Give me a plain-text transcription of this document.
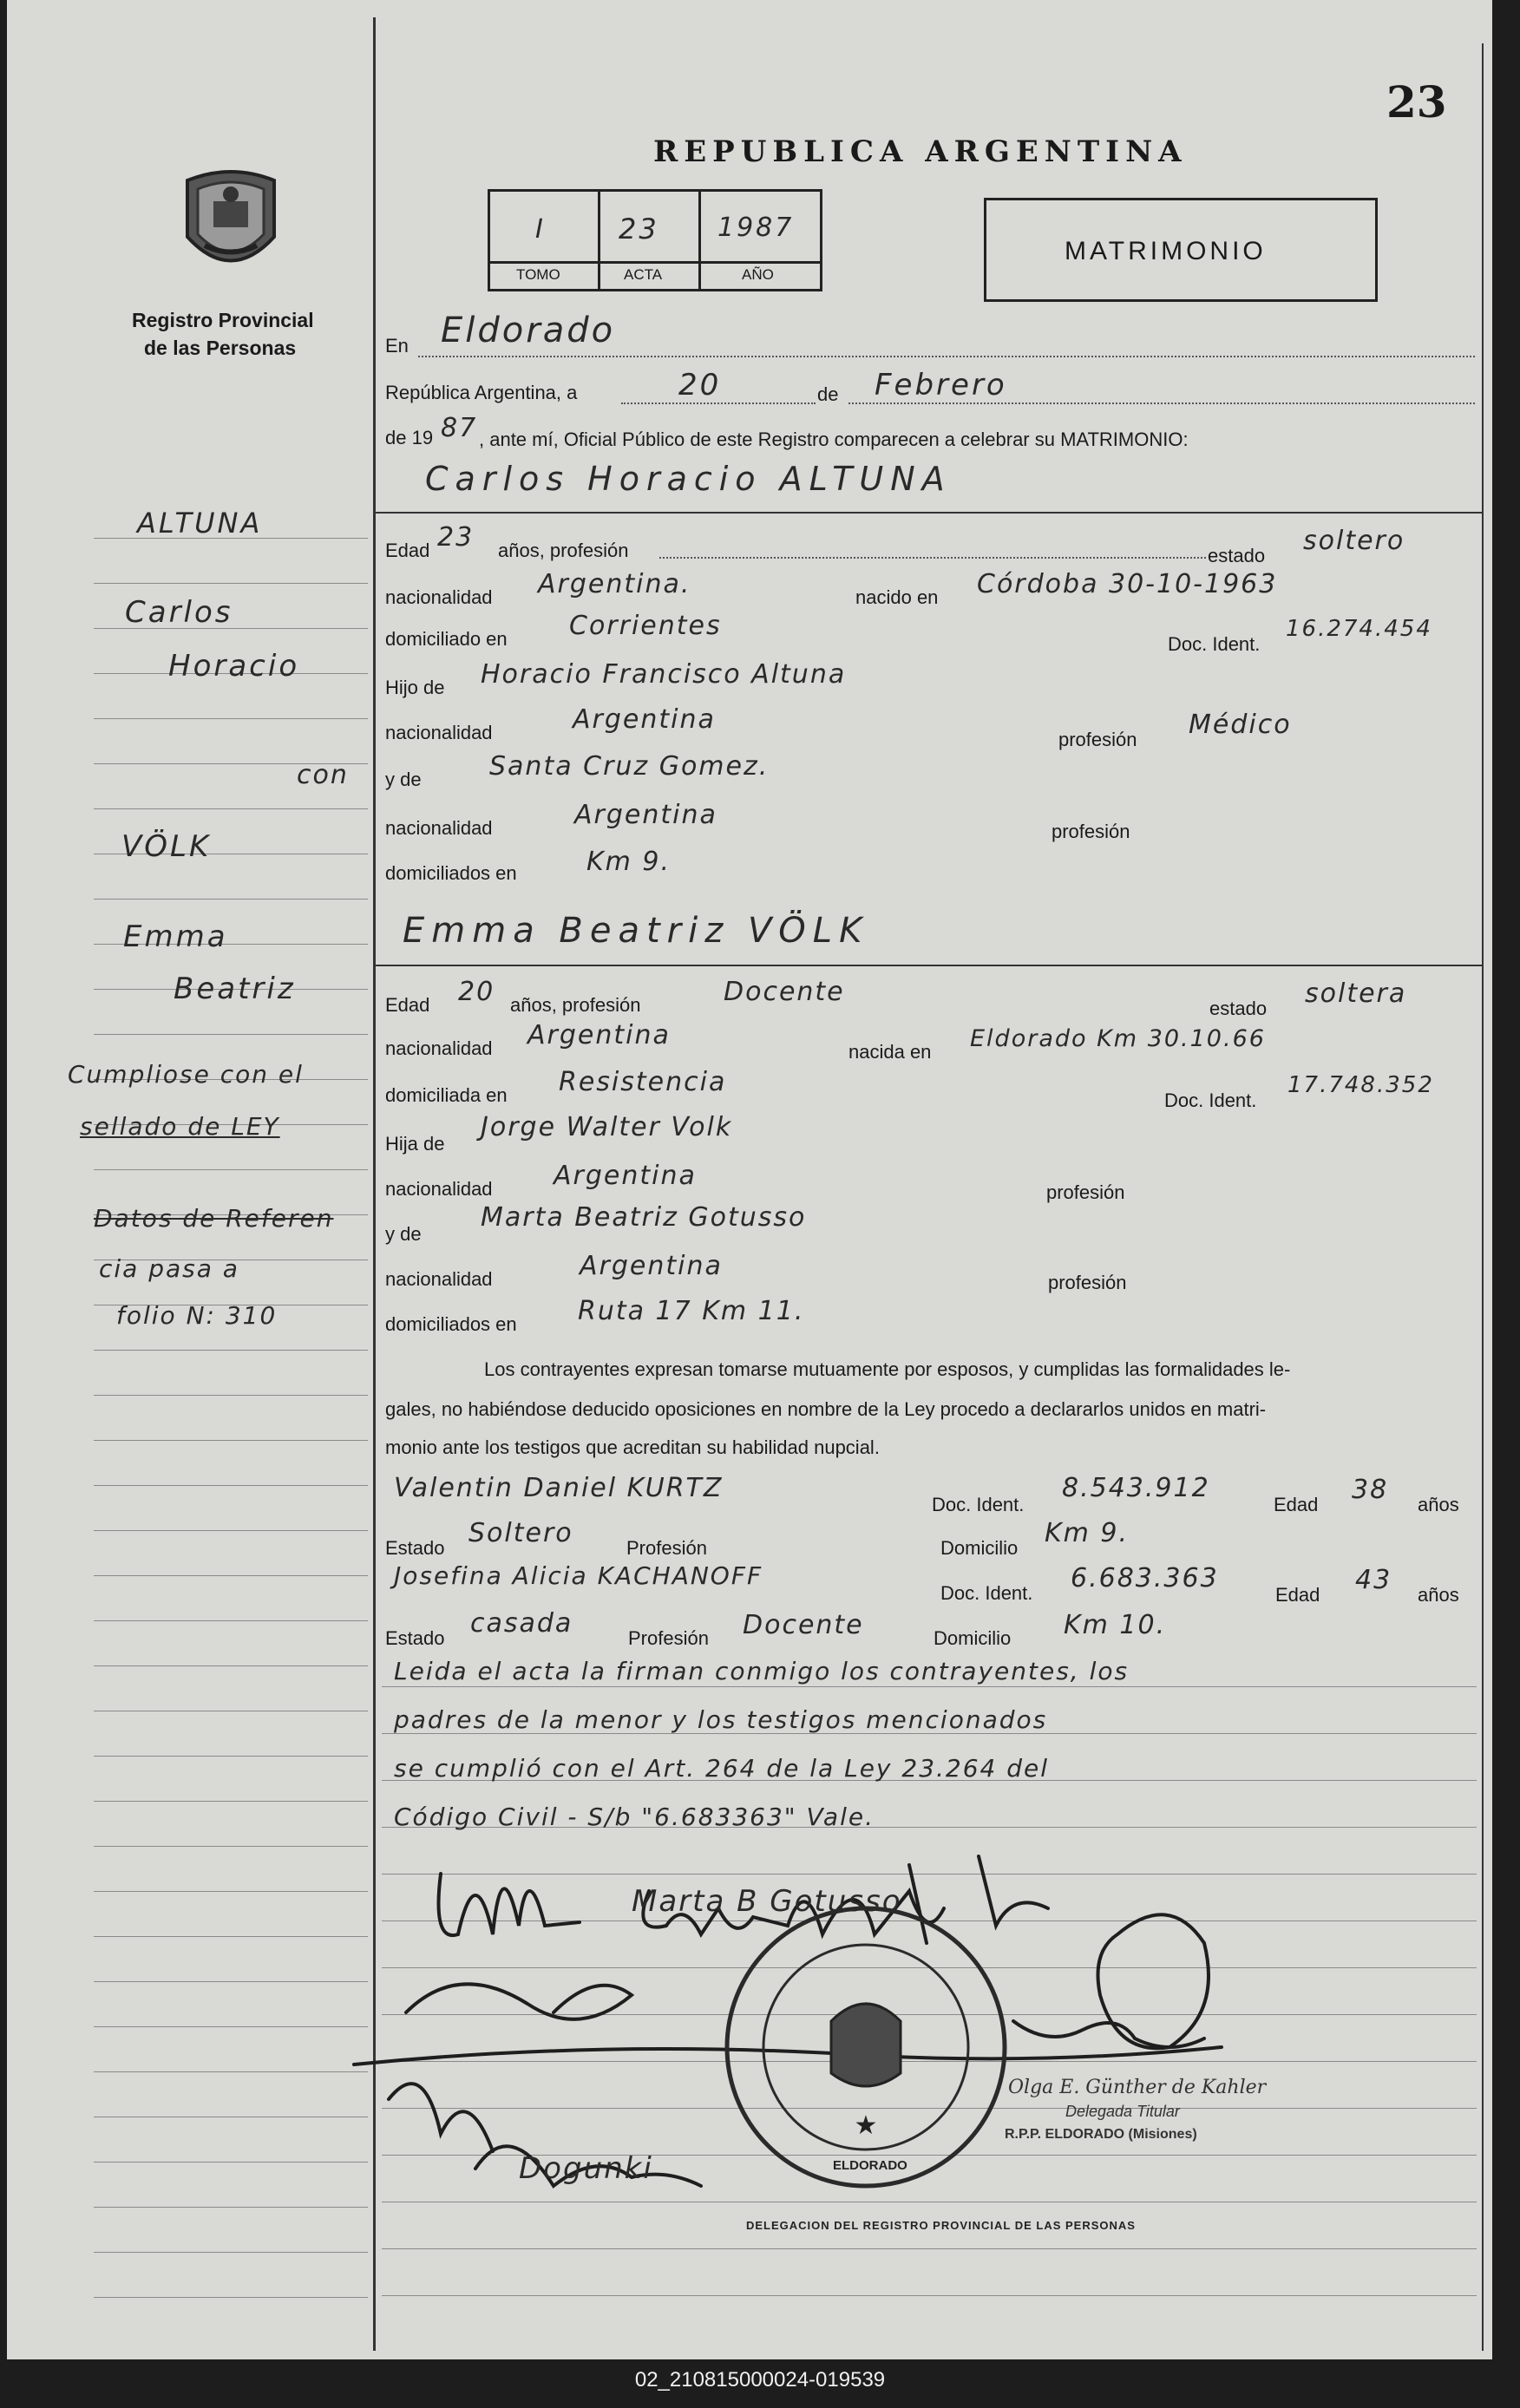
23
REPUBLICA ARGENTINA
Registro Provincial
de las Personas
I	23 1987
TOMO	ACTA	AÑO
MATRIMONIO
En Eldorado
República Argentina, a	20	de Febrero
de 19 87 , ante mí, Oficial Público de este Registro comparecen a celebrar su MATRIMONIO:
Carlos Horacio ALTUNA
Edad 23 años, profesión	estado soltero
nacionalidad Argentina.	nacido en Córdoba 30-10-1963
domiciliado en Corrientes
Doc. Ident.
16.274.454
Hijo de Horacio Francisco Altuna
nacionalidad	Argentina
profesión Médico
y de	Santa Cruz Gomez.
nacionalidad	Argentina
profesión
domiciliados en	Km 9.
Emma Beatriz VÖLK
Edad 20 años, profesión	Docente
estado soltera
nacionalidad Argentina
nacida en Eldorado Km 30.10.66
domiciliada en Resistencia
Doc. Ident.
17.748.352
Hija de
Jorge Walter Volk
nacionalidad Argentina
profesión
y de
Marta Beatriz Gotusso
nacionalidad	Argentina
profesión
domiciliados en Ruta 17 Km 11.
ALTUNA
Carlos
Horacio
con
VÖLK
Emma
Beatriz
Cumpliose con el
sellado de LEY
Datos de Referen
cia pasa a
folio N: 310
Los contrayentes expresan tomarse mutuamente por esposos, y cumplidas las formalidades le-
gales, no habiéndose deducido oposiciones en nombre de la Ley procedo a declararlos unidos en matri-
monio ante los testigos que acreditan su habilidad nupcial.
Valentin Daniel KURTZ
Doc. Ident.
8.543.912
Edad 38 años
Estado Soltero	Profesión	Domicilio Km 9.
Josefina Alicia KACHANOFF
Doc. Ident. 6.683.363
Edad 43 años
Estado casada	Profesión Docente	Domicilio Km 10.
Leida el acta la firman conmigo los contrayentes, los
padres de la menor y los testigos mencionados
se cumplió con el Art. 264 de la Ley 23.264 del
Código Civil - S/b "6.683363" Vale.
★
Marta B Gotusso
Dogunki
DELEGACION DEL REGISTRO PROVINCIAL DE LAS PERSONAS
ELDORADO
Olga E. Günther de Kahler
Delegada Titular
R.P.P. ELDORADO (Misiones)
02_210815000024-019539
